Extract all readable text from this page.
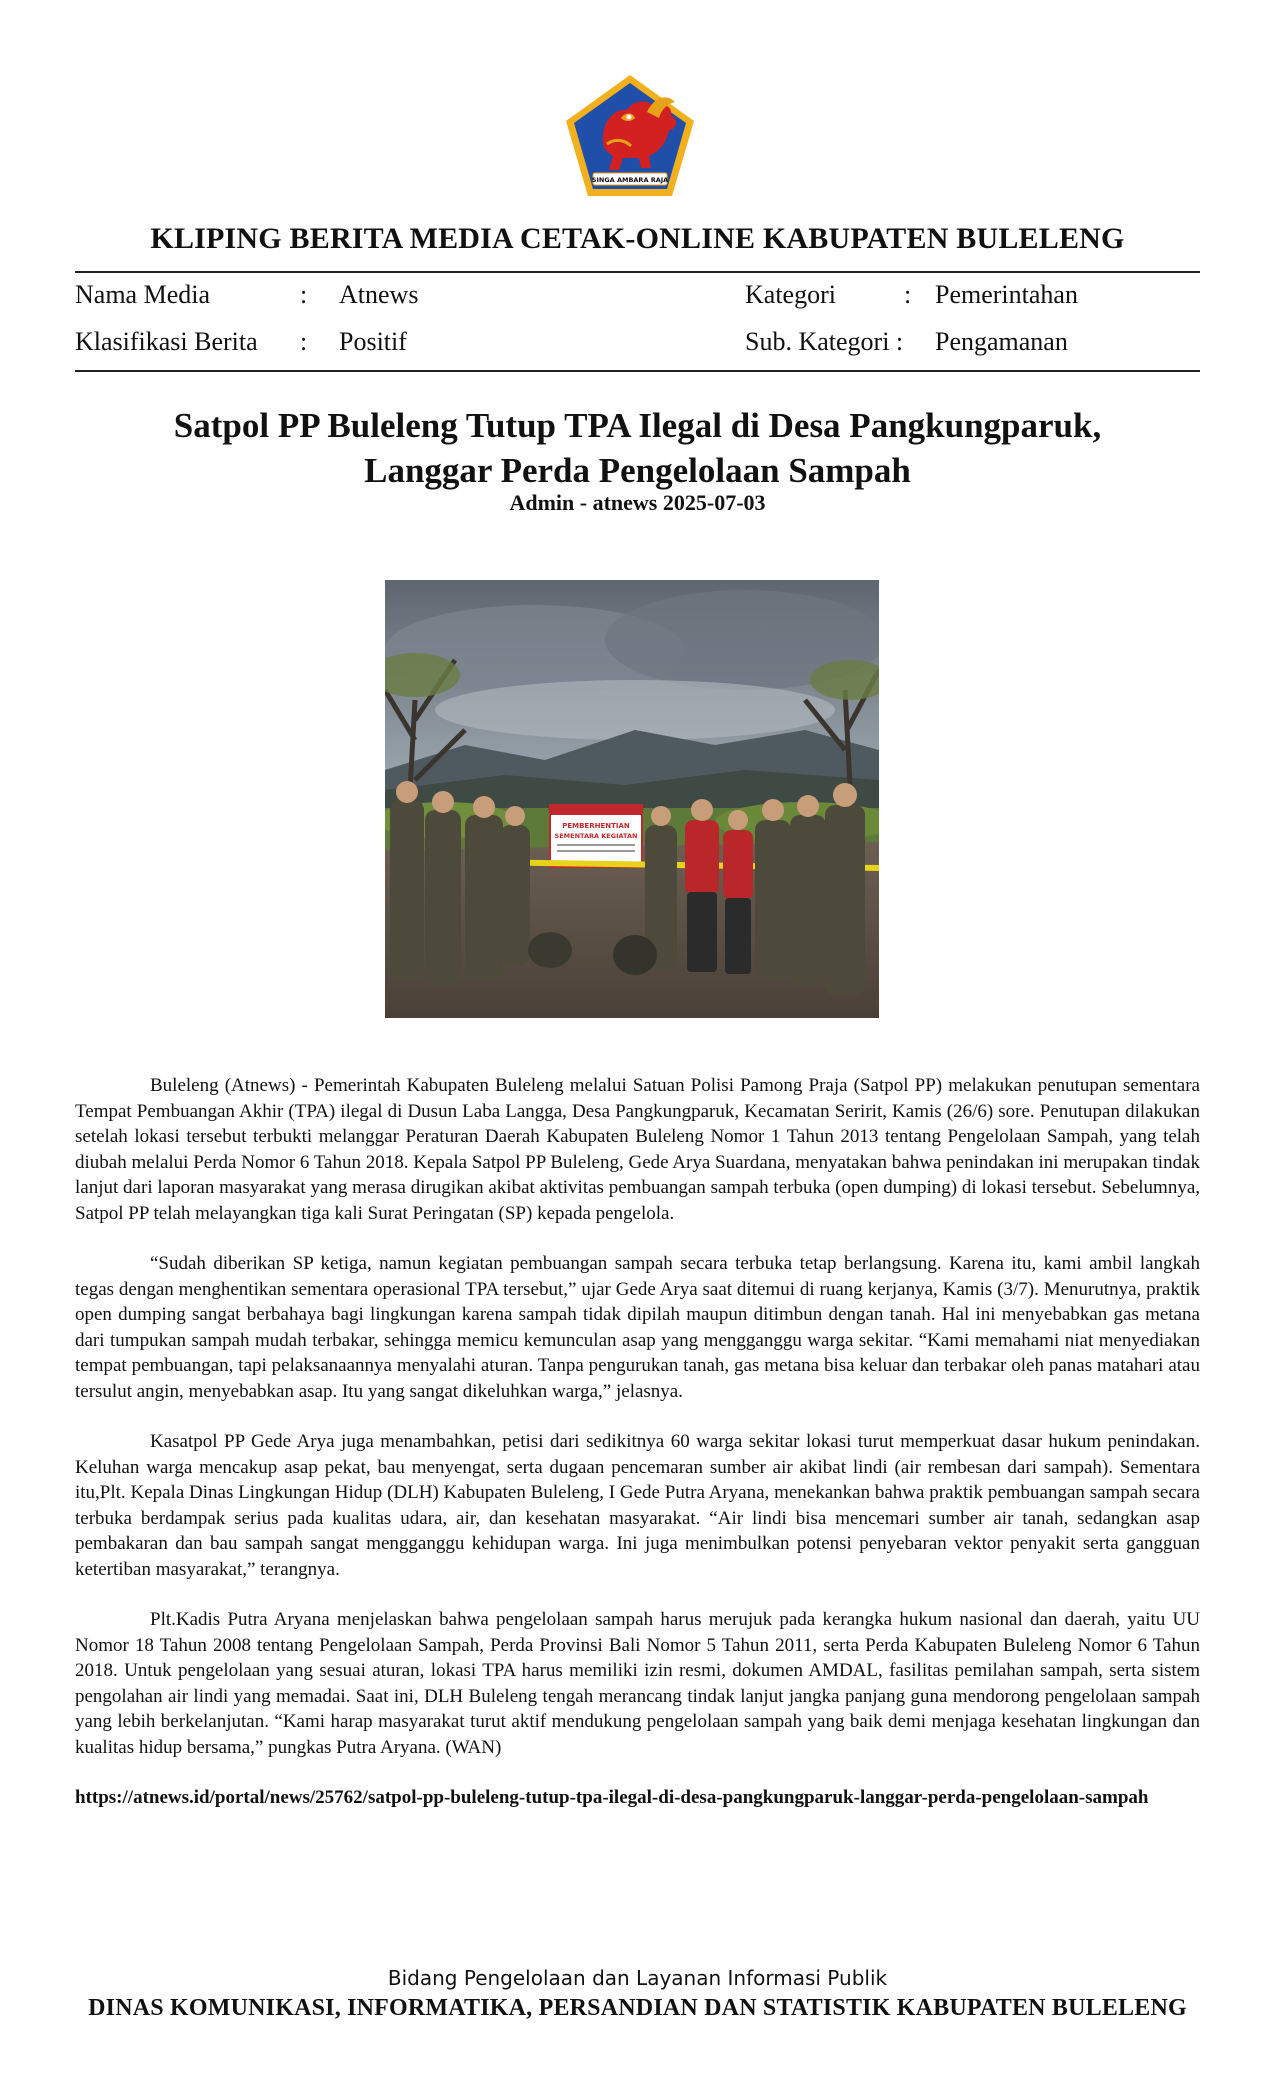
SINGA AMBARA RAJA
KLIPING BERITA MEDIA CETAK-ONLINE KABUPATEN BULELENG
Nama Media	: Atnews	Kategori	: Pemerintahan
Klasifikasi Berita : Positif	Sub. Kategori : Pengamanan
Satpol PP Buleleng Tutup TPA Ilegal di Desa Pangkungparuk,
Langgar Perda Pengelolaan Sampah
Admin - atnews 2025-07-03
PEMBERHENTIAN
SEMENTARA KEGIATAN

Buleleng (Atnews) - Pemerintah Kabupaten Buleleng melalui Satuan Polisi Pamong Praja (Satpol PP) melakukan penutupan sementara Tempat Pembuangan Akhir (TPA) ilegal di Dusun Laba Langga, Desa Pangkungparuk, Kecamatan Seririt, Kamis (26/6) sore. Penutupan dilakukan setelah lokasi tersebut terbukti melanggar Peraturan Daerah Kabupaten Buleleng Nomor 1 Tahun 2013 tentang Pengelolaan Sampah, yang telah diubah melalui Perda Nomor 6 Tahun 2018. Kepala Satpol PP Buleleng, Gede Arya Suardana, menyatakan bahwa penindakan ini merupakan tindak lanjut dari laporan masyarakat yang merasa dirugikan akibat aktivitas pembuangan sampah terbuka (open dumping) di lokasi tersebut. Sebelumnya, Satpol PP telah melayangkan tiga kali Surat Peringatan (SP) kepada pengelola.

“Sudah diberikan SP ketiga, namun kegiatan pembuangan sampah secara terbuka tetap berlangsung. Karena itu, kami ambil langkah tegas dengan menghentikan sementara operasional TPA tersebut,” ujar Gede Arya saat ditemui di ruang kerjanya, Kamis (3/7). Menurutnya, praktik open dumping sangat berbahaya bagi lingkungan karena sampah tidak dipilah maupun ditimbun dengan tanah. Hal ini menyebabkan gas metana dari tumpukan sampah mudah terbakar, sehingga memicu kemunculan asap yang mengganggu warga sekitar. “Kami memahami niat menyediakan tempat pembuangan, tapi pelaksanaannya menyalahi aturan. Tanpa pengurukan tanah, gas metana bisa keluar dan terbakar oleh panas matahari atau tersulut angin, menyebabkan asap. Itu yang sangat dikeluhkan warga,” jelasnya.

Kasatpol PP Gede Arya juga menambahkan, petisi dari sedikitnya 60 warga sekitar lokasi turut memperkuat dasar hukum penindakan. Keluhan warga mencakup asap pekat, bau menyengat, serta dugaan pencemaran sumber air akibat lindi (air rembesan dari sampah). Sementara itu,Plt. Kepala Dinas Lingkungan Hidup (DLH) Kabupaten Buleleng, I Gede Putra Aryana, menekankan bahwa praktik pembuangan sampah secara terbuka berdampak serius pada kualitas udara, air, dan kesehatan masyarakat. “Air lindi bisa mencemari sumber air tanah, sedangkan asap pembakaran dan bau sampah sangat mengganggu kehidupan warga. Ini juga menimbulkan potensi penyebaran vektor penyakit serta gangguan ketertiban masyarakat,” terangnya.

Plt.Kadis Putra Aryana menjelaskan bahwa pengelolaan sampah harus merujuk pada kerangka hukum nasional dan daerah, yaitu UU Nomor 18 Tahun 2008 tentang Pengelolaan Sampah, Perda Provinsi Bali Nomor 5 Tahun 2011, serta Perda Kabupaten Buleleng Nomor 6 Tahun 2018. Untuk pengelolaan yang sesuai aturan, lokasi TPA harus memiliki izin resmi, dokumen AMDAL, fasilitas pemilahan sampah, serta sistem pengolahan air lindi yang memadai. Saat ini, DLH Buleleng tengah merancang tindak lanjut jangka panjang guna mendorong pengelolaan sampah yang lebih berkelanjutan. “Kami harap masyarakat turut aktif mendukung pengelolaan sampah yang baik demi menjaga kesehatan lingkungan dan kualitas hidup bersama,” pungkas Putra Aryana. (WAN)

https://atnews.id/portal/news/25762/satpol-pp-buleleng-tutup-tpa-ilegal-di-desa-pangkungparuk-langgar-perda-pengelolaan-sampah

Bidang Pengelolaan dan Layanan Informasi Publik
DINAS KOMUNIKASI, INFORMATIKA, PERSANDIAN DAN STATISTIK KABUPATEN BULELENG
